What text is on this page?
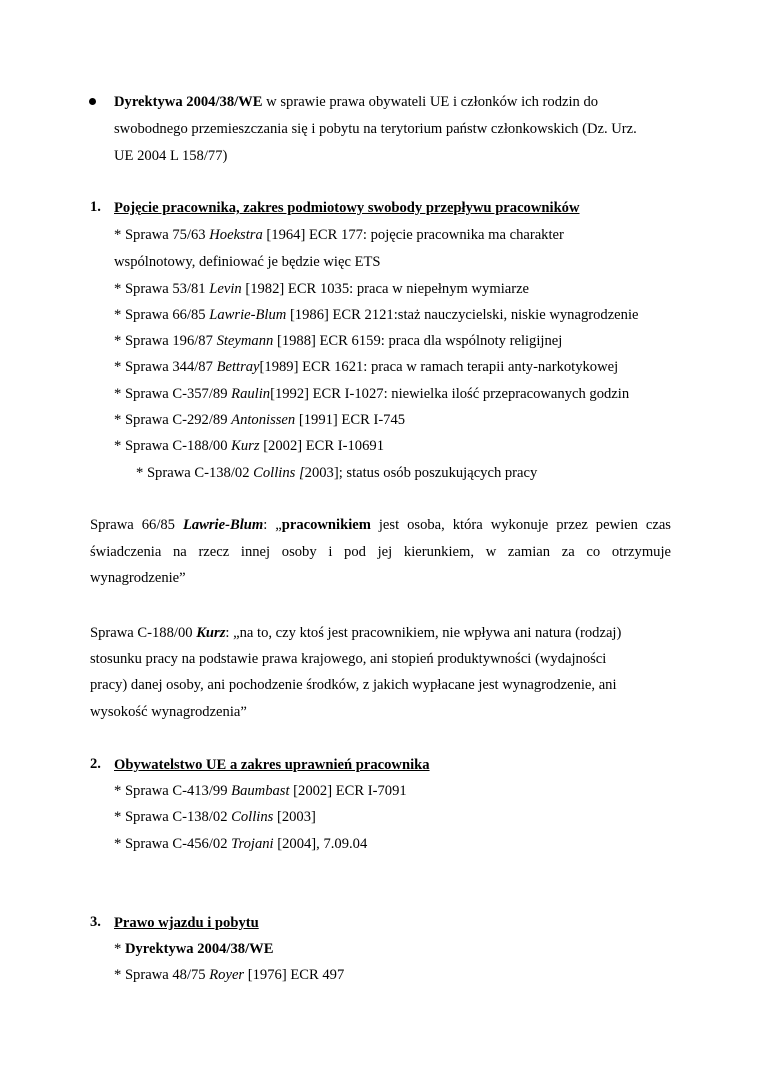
Dyrektywa 2004/38/WE w sprawie prawa obywateli UE i członków ich rodzin do
swobodnego przemieszczania się i pobytu na terytorium państw członkowskich (Dz. Urz.
UE 2004 L 158/77)
1. Pojęcie pracownika, zakres podmiotowy swobody przepływu pracowników
* Sprawa 75/63 Hoekstra [1964] ECR 177: pojęcie pracownika ma charakter
wspólnotowy, definiować je będzie więc ETS
* Sprawa 53/81 Levin [1982] ECR 1035: praca w niepełnym wymiarze
* Sprawa 66/85 Lawrie-Blum [1986] ECR 2121:staż nauczycielski, niskie wynagrodzenie
* Sprawa 196/87 Steymann [1988] ECR 6159: praca dla wspólnoty religijnej
* Sprawa 344/87 Bettray[1989] ECR 1621: praca w ramach terapii anty-narkotykowej
* Sprawa C-357/89 Raulin[1992] ECR I-1027: niewielka ilość przepracowanych godzin
* Sprawa C-292/89 Antonissen [1991] ECR I-745
* Sprawa C-188/00 Kurz [2002] ECR I-10691
* Sprawa C-138/02 Collins [2003]; status osób poszukujących pracy
Sprawa 66/85 Lawrie-Blum: „pracownikiem jest osoba, która wykonuje przez pewien czas
świadczenia na rzecz innej osoby i pod jej kierunkiem, w zamian za co otrzymuje
wynagrodzenie”
Sprawa C-188/00 Kurz: „na to, czy ktoś jest pracownikiem, nie wpływa ani natura (rodzaj)
stosunku pracy na podstawie prawa krajowego, ani stopień produktywności (wydajności
pracy) danej osoby, ani pochodzenie środków, z jakich wypłacane jest wynagrodzenie, ani
wysokość wynagrodzenia”
2. Obywatelstwo UE a zakres uprawnień pracownika
* Sprawa C-413/99 Baumbast [2002] ECR I-7091
* Sprawa C-138/02 Collins [2003]
* Sprawa C-456/02 Trojani [2004], 7.09.04
3. Prawo wjazdu i pobytu
* Dyrektywa 2004/38/WE
* Sprawa 48/75 Royer [1976] ECR 497
